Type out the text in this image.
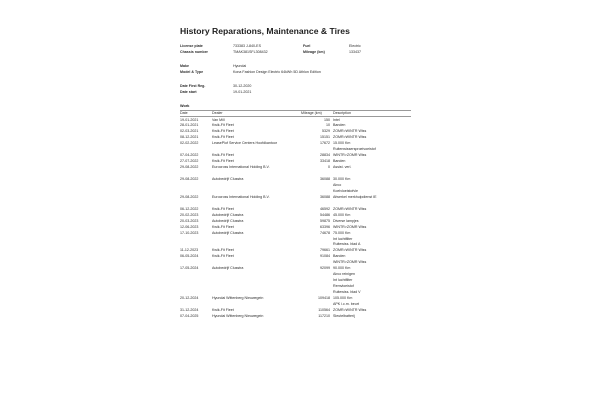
History Reparations, Maintenance & Tires
License plate	733383 J-840-ES
Chassis number	TMAK381SFL308432
Fuel	Electric
Mileage (km)	133437
Make	Hyundai
Model & Type	Kona Fashion Design Electric 64kWh 5D Athlon Edition
Date First Reg.	30-12-2020
Date start	19-01-2021
Work
Date	Dealer	Mileage (km)	Description
19-01-2021	Van Mill	150 Intel
28-01-2021	Kwik-Fit Fleet	10 Banden
02-03-2021	Kwik-Fit Fleet	5329 ZOMR>WINTR Wiss
08-12-2021	Kwik-Fit Fleet	15151 ZOMR>WINTR Wiss
02-02-2022	LeasePlof Service Centers Hoofdkantoor	17672 15.000 Km
Ruitenwissersproeivoeistof
07-04-2022	Kwik-Fit Fleet	28834 WINTR>ZOMR Wiss
27-07-2022	Kwik-Fit Fleet	33418 Banden
29-08-2022	Eurocross International Holding B.V.	0 Assist. verl.
29-08-2022	Autobedrijf Clusstra	36088 30.000 Km
Airco
Koelvloeistofvle
29-08-2022	Eurocross International Holding B.V.	36088 Afwerkel merkhulpdienst IE
06-12-2022	Kwik-Fit Fleet	46592 ZOMR>WINTR Wiss
20-02-2023	Autobedrijf Clusstra	54486 45.000 Km
20-03-2023	Autobedrijf Clusstra	59875 Diverse lampjes
12-06-2023	Kwik-Fit Fleet	63396 WINTR>ZOMR Wiss
17-10-2023	Autobedrijf Clusstra	74678 75.000 Km
Int luchtfilter
Ruitewiss. blad A
11-12-2023	Kwik-Fit Fleet	79661 ZOMR>WINTR Wiss
06-05-2024	Kwik-Fit Fleet	91084 Banden
WINTR>ZOMR Wiss
17-05-2024	Autobedrijf Clusstra	92099 90.000 Km
Airco reinigen
Int luchtfilter
Remvloeistof
Ruitewiss. blad V
20-12-2024	Hyundai Wittenberg Nieuwegein	109418 105.000 Km
APK i.c.m. beurt
31-12-2024	Kwik-Fit Fleet	110564 ZOMR>WINTR Wiss
07-04-2025	Hyundai Wittenberg Nieuwegein	117210 Sleutelbatterij
